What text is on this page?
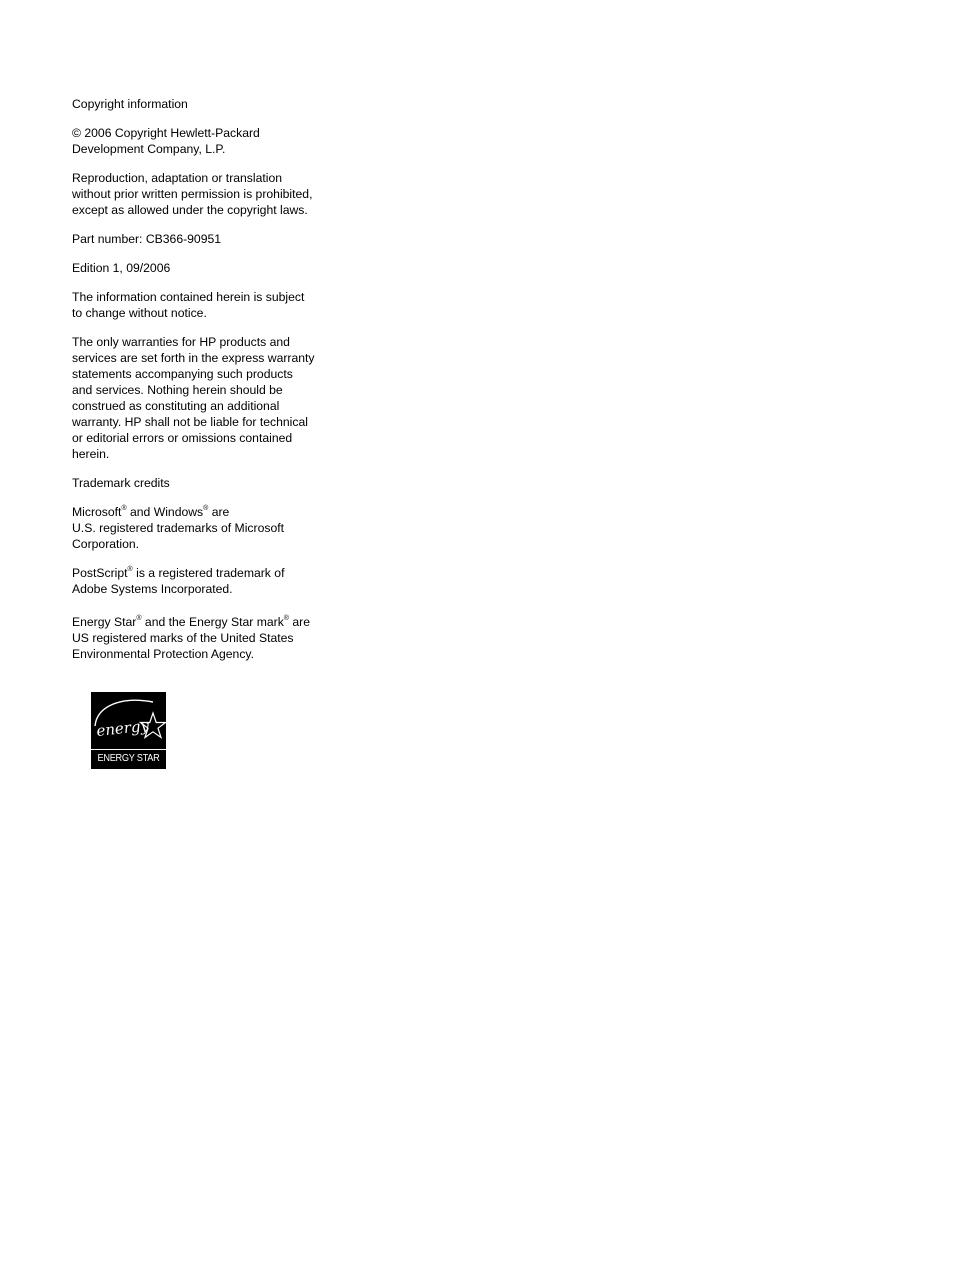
Copyright information

© 2006 Copyright Hewlett-Packard
Development Company, L.P.

Reproduction, adaptation or translation
without prior written permission is prohibited,
except as allowed under the copyright laws.

Part number: CB366-90951

Edition 1, 09/2006

The information contained herein is subject
to change without notice.

The only warranties for HP products and
services are set forth in the express warranty
statements accompanying such products
and services. Nothing herein should be
construed as constituting an additional
warranty. HP shall not be liable for technical
or editorial errors or omissions contained
herein.

Trademark credits

Microsoft® and Windows® are
U.S. registered trademarks of Microsoft
Corporation.

PostScript® is a registered trademark of
Adobe Systems Incorporated.

Energy Star® and the Energy Star mark® are
US registered marks of the United States
Environmental Protection Agency.

energy
ENERGY STAR
